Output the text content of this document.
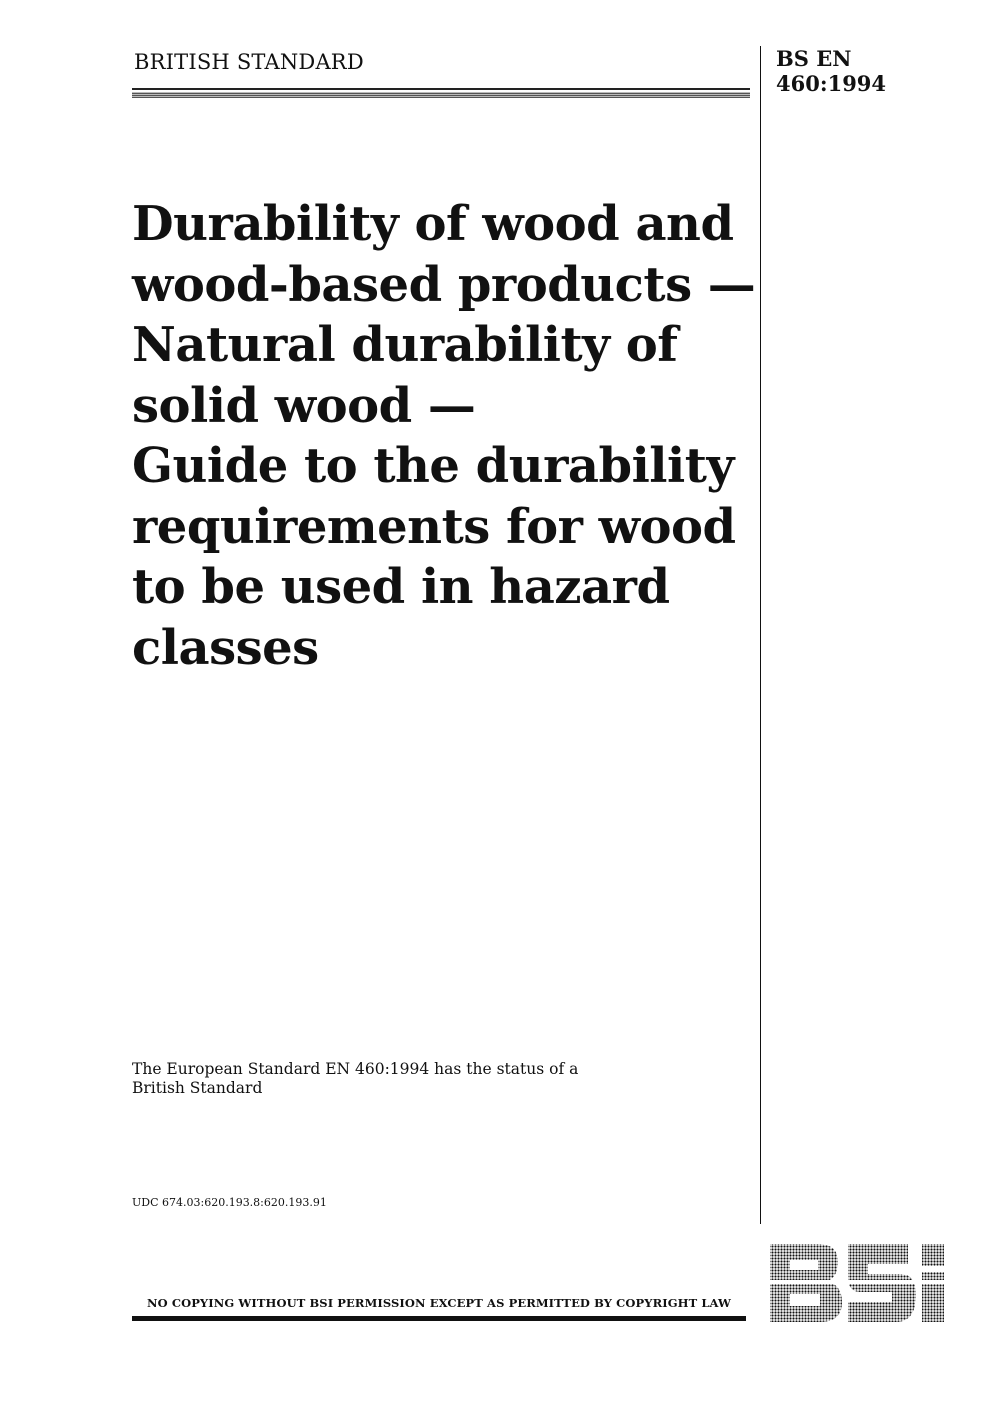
BRITISH STANDARD	BS EN
460:1994
Durability of wood and
wood-based products —
Natural durability of
solid wood —
Guide to the durability
requirements for wood
to be used in hazard
classes
The European Standard EN 460:1994 has the status of a
British Standard
UDC 674.03:620.193.8:620.193.91
NO COPYING WITHOUT BSI PERMISSION EXCEPT AS PERMITTED BY COPYRIGHT LAW
